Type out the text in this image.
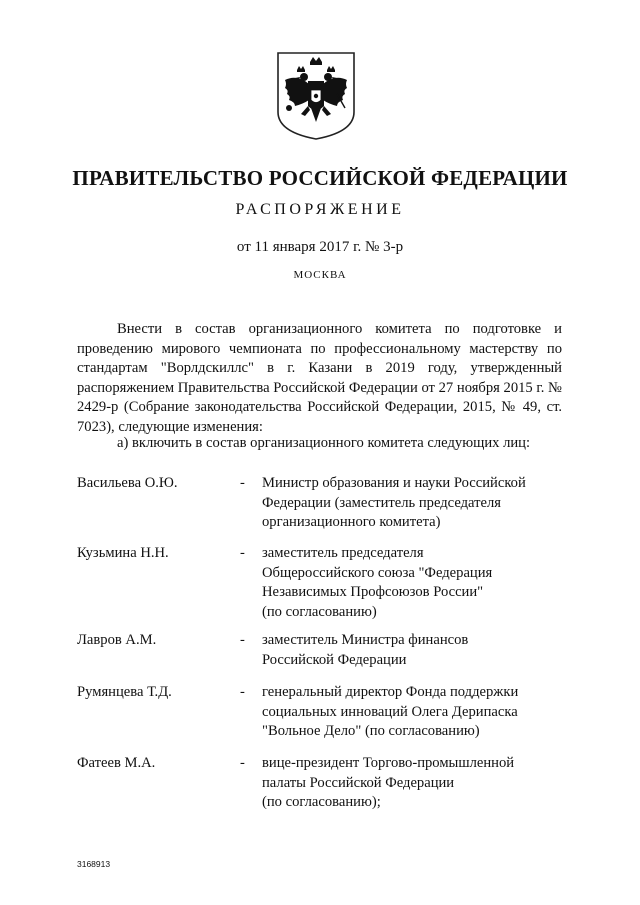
ПРАВИТЕЛЬСТВО РОССИЙСКОЙ ФЕДЕРАЦИИ
РАСПОРЯЖЕНИЕ
от 11 января 2017 г. № 3-р
МОСКВА

Внести в состав организационного комитета по подготовке и проведению мирового чемпионата по профессиональному мастерству по стандартам "Ворлдскиллс" в г. Казани в 2019 году, утвержденный распоряжением Правительства Российской Федерации от 27 ноября 2015 г. № 2429-р (Собрание законодательства Российской Федерации, 2015, № 49, ст. 7023), следующие изменения:

а) включить в состав организационного комитета следующих лиц:

Васильева О.Ю.	-	Министр образования и науки Российской
Федерации (заместитель председателя
организационного комитета)
Кузьмина Н.Н.	-	заместитель председателя
Общероссийского союза "Федерация
Независимых Профсоюзов России"
(по согласованию)
Лавров А.М.	-	заместитель Министра финансов
Российской Федерации
Румянцева Т.Д.	-	генеральный директор Фонда поддержки
социальных инноваций Олега Дерипаска
"Вольное Дело" (по согласованию)
Фатеев М.А.	-	вице-президент Торгово-промышленной
палаты Российской Федерации
(по согласованию);
3168913
